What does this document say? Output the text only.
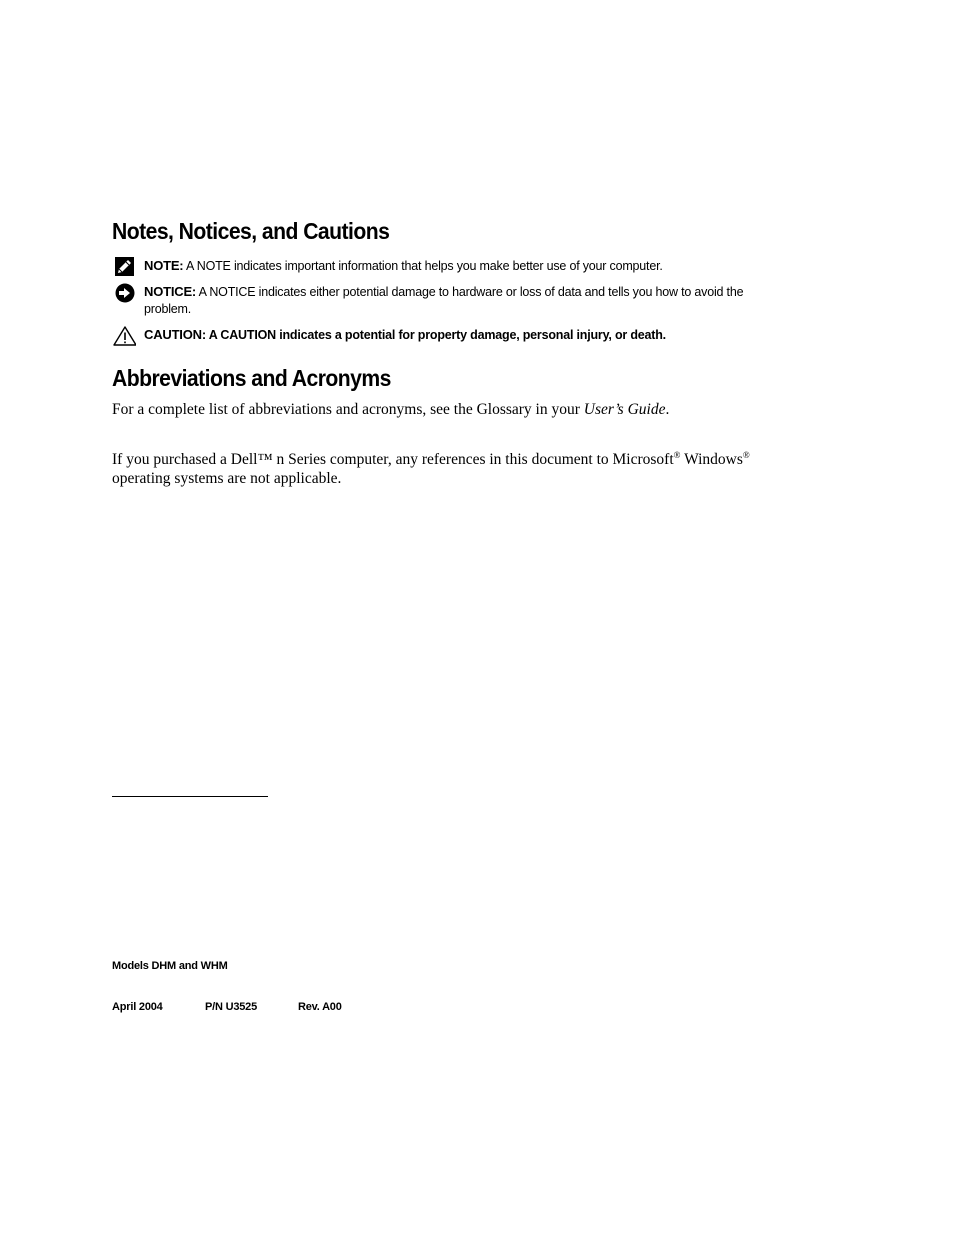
Notes, Notices, and Cautions
NOTE: A NOTE indicates important information that helps you make better use of your computer.
NOTICE: A NOTICE indicates either potential damage to hardware or loss of data and tells you how to avoid the problem.
CAUTION: A CAUTION indicates a potential for property damage, personal injury, or death.
Abbreviations and Acronyms

For a complete list of abbreviations and acronyms, see the Glossary in your User’s Guide.

If you purchased a Dell™ n Series computer, any references in this document to Microsoft® Windows® operating systems are not applicable.

Models DHM and WHM
April 2004	P/N U3525	Rev. A00
